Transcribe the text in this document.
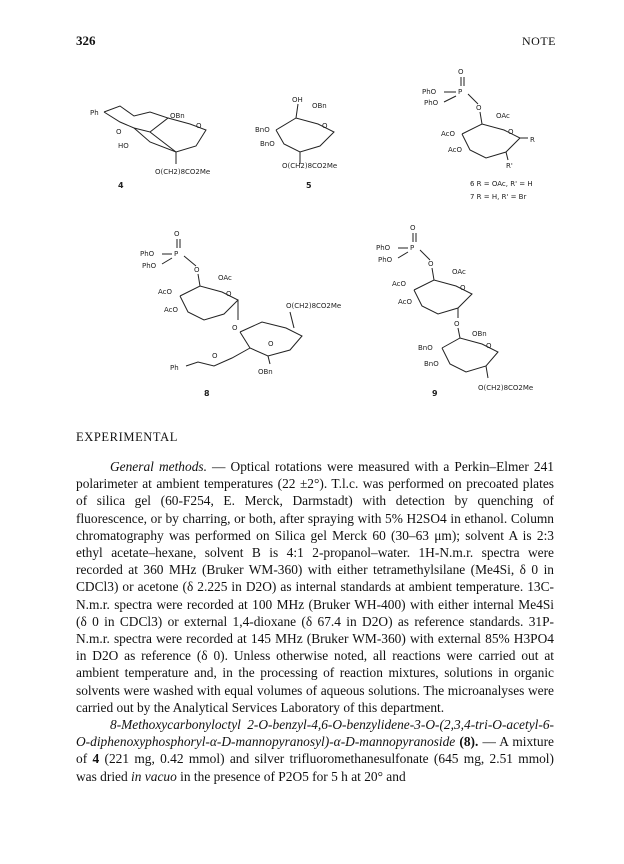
326	NOTE
Ph	OBn
O
O
HO
O(CH2)8CO2Me
4
OH
OBn
O
BnO
BnO
O(CH2)8CO2Me
5
O
PhO	P
PhO
O
OAc
O
AcO
AcO
R
R'
6 R = OAc, R' = H
7 R = H, R' = Br
O
PhO	P
PhO	O
OAc
O
AcO
AcO
O
O(CH2)8CO2Me
O
O
Ph	OBn
8
O
PhO	P
PhO	O
OAc
O
AcO
AcO
O
OBn
O
BnO
BnO
O(CH2)8CO2Me
9
EXPERIMENTAL

General methods. — Optical rotations were measured with a Perkin–Elmer 241 polarimeter at ambient temperatures (22 ±2°). T.l.c. was performed on precoated plates of silica gel (60-F254, E. Merck, Darmstadt) with detection by quenching of fluorescence, or by charring, or both, after spraying with 5% H2SO4 in ethanol. Column chromatography was performed on Silica gel Merck 60 (30–63 μm); solvent A is 2:3 ethyl acetate–hexane, solvent B is 4:1 2-propanol–water. 1H-N.m.r. spectra were recorded at 360 MHz (Bruker WM-360) with either tetramethylsilane (Me4Si, δ 0 in CDCl3) or acetone (δ 2.225 in D2O) as internal standards at ambient temperature. 13C-N.m.r. spectra were recorded at 100 MHz (Bruker WH-400) with either internal Me4Si (δ 0 in CDCl3) or external 1,4-dioxane (δ 67.4 in D2O) as reference standards. 31P-N.m.r. spectra were recorded at 145 MHz (Bruker WM-360) with external 85% H3PO4 in D2O as reference (δ 0). Unless otherwise noted, all reactions were carried out at ambient temperature and, in the processing of reaction mixtures, solutions in organic solvents were washed with equal volumes of aqueous solutions. The microanalyses were carried out by the Analytical Services Laboratory of this department.

8-Methoxycarbonyloctyl 2-O-benzyl-4,6-O-benzylidene-3-O-(2,3,4-tri-O-acetyl-6-O-diphenoxyphosphoryl-α-D-mannopyranosyl)-α-D-mannopyranoside (8). — A mixture of 4 (221 mg, 0.42 mmol) and silver trifluoromethanesulfonate (645 mg, 2.51 mmol) was dried in vacuo in the presence of P2O5 for 5 h at 20° and
